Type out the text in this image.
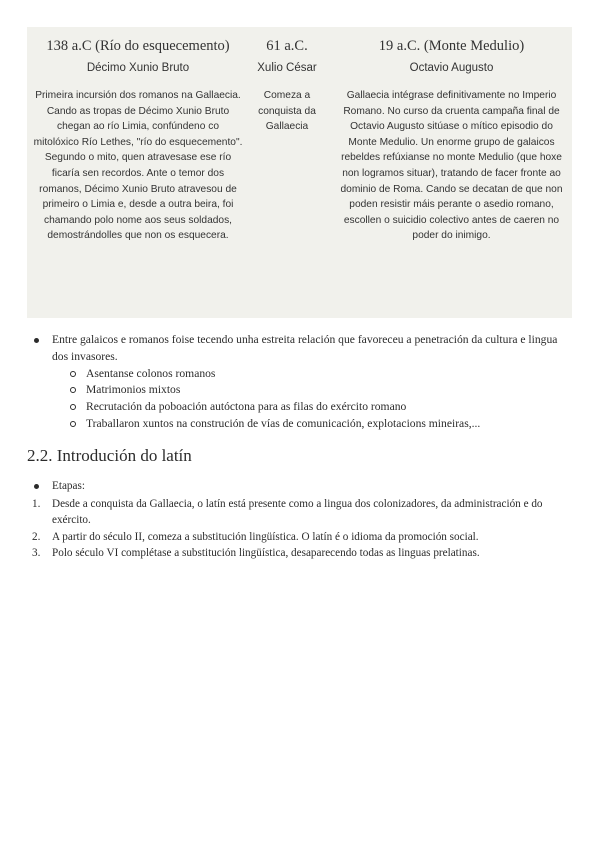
138 a.C (Río do esquecemento)
Décimo Xunio Bruto
Primeira incursión dos romanos na Gallaecia. Cando as tropas de Décimo Xunio Bruto chegan ao río Limia, confúndeno co mitolóxico Río Lethes, "río do esquecemento". Segundo o mito, quen atravesase ese río ficaría sen recordos. Ante o temor dos romanos, Décimo Xunio Bruto atravesou de primeiro o Limia e, desde a outra beira, foi chamando polo nome aos seus soldados, demostrándolles que non os esquecera.
61 a.C.
Xulio César
Comeza a conquista da Gallaecia
19 a.C. (Monte Medulio)
Octavio Augusto
Gallaecia intégrase definitivamente no Imperio Romano. No curso da cruenta campaña final de Octavio Augusto sitúase o mítico episodio do Monte Medulio. Un enorme grupo de galaicos rebeldes refúxianse no monte Medulio (que hoxe non logramos situar), tratando de facer fronte ao dominio de Roma. Cando se decatan de que non poden resistir máis perante o asedio romano, escollen o suicidio colectivo antes de caeren no poder do inimigo.
Entre galaicos e romanos foise tecendo unha estreita relación que favoreceu a penetración da cultura e lingua dos invasores.
Asentanse colonos romanos
Matrimonios mixtos
Recrutación da poboación autóctona para as filas do exército romano
Traballaron xuntos na construción de vías de comunicación, explotacions mineiras,...
2.2. Introdución do latín
Etapas:
1. Desde a conquista da Gallaecia, o latín está presente como a lingua dos colonizadores, da administración e do exército.
2. A partir do século II, comeza a substitución lingüística. O latín é o idioma da promoción social.
3. Polo século VI complétase a substitución lingüística, desaparecendo todas as linguas prelatinas.
